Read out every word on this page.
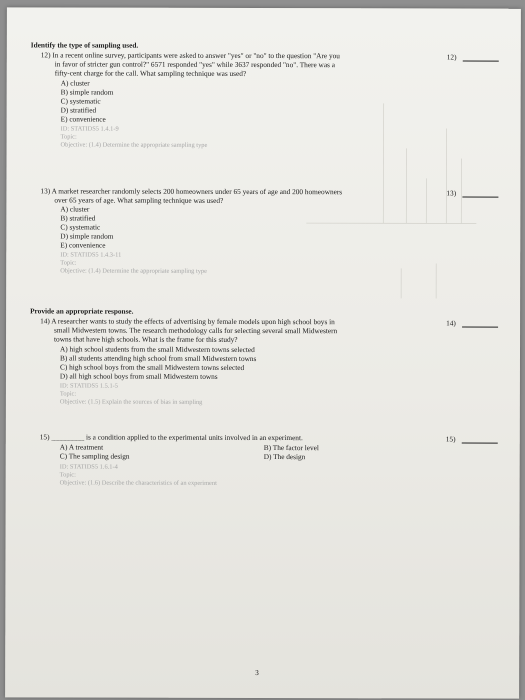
Identify the type of sampling used.
12) In a recent online survey, participants were asked to answer "yes" or "no" to the question "Are you
in favor of stricter gun control?" 6571 responded "yes" while 3637 responded "no". There was a
fifty-cent charge for the call. What sampling technique was used?
A) cluster
B) simple random
C) systematic
D) stratified
E) convenience
ID: STATIDS5 1.4.1-9
Topic:
Objective: (1.4) Determine the appropriate sampling type
12)
13) A market researcher randomly selects 200 homeowners under 65 years of age and 200 homeowners
over 65 years of age. What sampling technique was used?
A) cluster
B) stratified
C) systematic
D) simple random
E) convenience
ID: STATIDS5 1.4.3-11
Topic:
Objective: (1.4) Determine the appropriate sampling type
13)
Provide an appropriate response.
14) A researcher wants to study the effects of advertising by female models upon high school boys in
small Midwestern towns. The research methodology calls for selecting several small Midwestern
towns that have high schools. What is the frame for this study?
A) high school students from the small Midwestern towns selected
B) all students attending high school from small Midwestern towns
C) high school boys from the small Midwestern towns selected
D) all high school boys from small Midwestern towns
ID: STATIDS5 1.5.1-5
Topic:
Objective: (1.5) Explain the sources of bias in sampling
14)
15) _________ is a condition applied to the experimental units involved in an experiment.
A) A treatment	B) The factor level
C) The sampling design	D) The design
ID: STATIDS5 1.6.1-4
Topic:
Objective: (1.6) Describe the characteristics of an experiment
15)
3
